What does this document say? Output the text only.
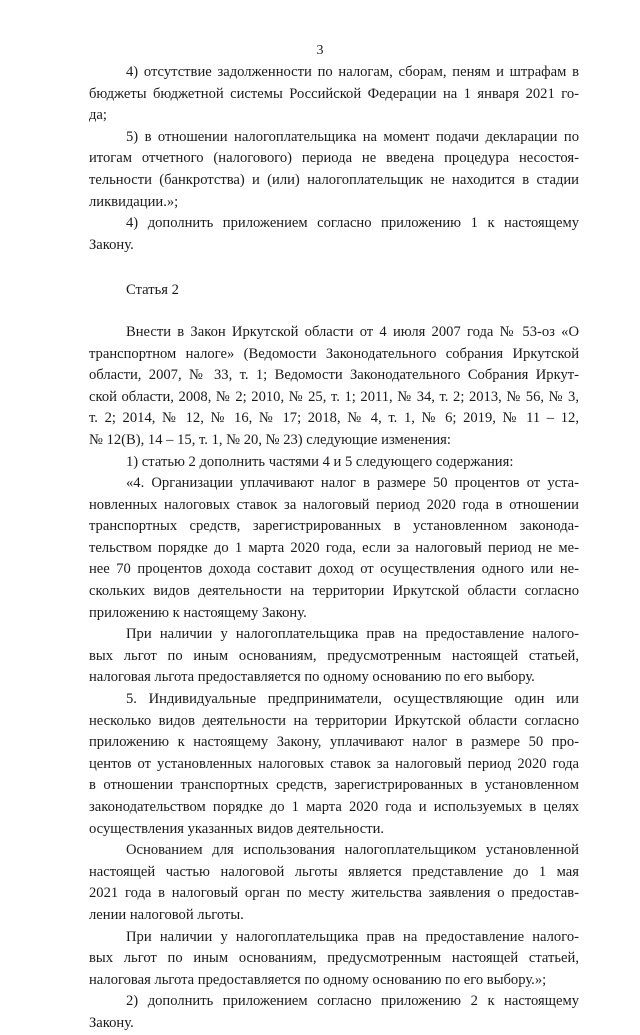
3
4) отсутствие задолженности по налогам, сборам, пеням и штрафам в
бюджеты бюджетной системы Российской Федерации на 1 января 2021 го-
да;
5) в отношении налогоплательщика на момент подачи декларации по
итогам отчетного (налогового) периода не введена процедура несостоя-
тельности (банкротства) и (или) налогоплательщик не находится в стадии
ликвидации.»;
4) дополнить приложением согласно приложению 1 к настоящему
Закону.
Статья 2
Внести в Закон Иркутской области от 4 июля 2007 года № 53-оз «О
транспортном налоге» (Ведомости Законодательного собрания Иркутской
области, 2007, № 33, т. 1; Ведомости Законодательного Собрания Иркут-
ской области, 2008, № 2; 2010, № 25, т. 1; 2011, № 34, т. 2; 2013, № 56, № 3,
т. 2; 2014, № 12, № 16, № 17; 2018, № 4, т. 1, № 6; 2019, № 11 – 12,
№ 12(В), 14 – 15, т. 1, № 20, № 23) следующие изменения:
1) статью 2 дополнить частями 4 и 5 следующего содержания:
«4. Организации уплачивают налог в размере 50 процентов от уста-
новленных налоговых ставок за налоговый период 2020 года в отношении
транспортных средств, зарегистрированных в установленном законода-
тельством порядке до 1 марта 2020 года, если за налоговый период не ме-
нее 70 процентов дохода составит доход от осуществления одного или не-
скольких видов деятельности на территории Иркутской области согласно
приложению к настоящему Закону.
При наличии у налогоплательщика прав на предоставление налого-
вых льгот по иным основаниям, предусмотренным настоящей статьей,
налоговая льгота предоставляется по одному основанию по его выбору.
5. Индивидуальные предприниматели, осуществляющие один или
несколько видов деятельности на территории Иркутской области согласно
приложению к настоящему Закону, уплачивают налог в размере 50 про-
центов от установленных налоговых ставок за налоговый период 2020 года
в отношении транспортных средств, зарегистрированных в установленном
законодательством порядке до 1 марта 2020 года и используемых в целях
осуществления указанных видов деятельности.
Основанием для использования налогоплательщиком установленной
настоящей частью налоговой льготы является представление до 1 мая
2021 года в налоговый орган по месту жительства заявления о предостав-
лении налоговой льготы.
При наличии у налогоплательщика прав на предоставление налого-
вых льгот по иным основаниям, предусмотренным настоящей статьей,
налоговая льгота предоставляется по одному основанию по его выбору.»;
2) дополнить приложением согласно приложению 2 к настоящему
Закону.
